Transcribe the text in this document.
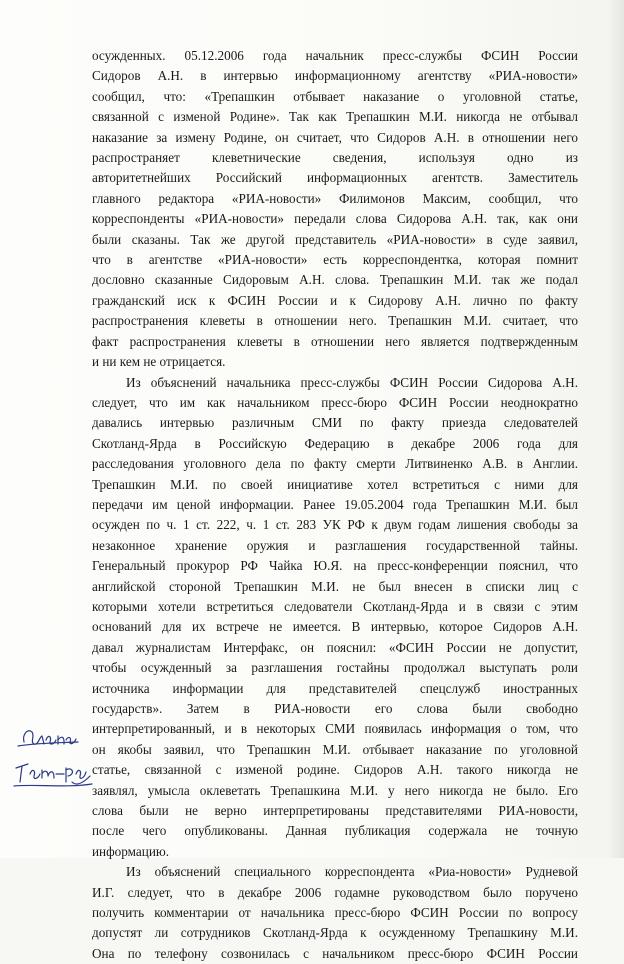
осужденных. 05.12.2006 года начальник пресс-службы ФСИН России
Сидоров А.Н. в интервью информационному агентству «РИА-новости»
сообщил, что: «Трепашкин отбывает наказание о уголовной статье,
связанной с изменой Родине». Так как Трепашкин М.И. никогда не отбывал
наказание за измену Родине, он считает, что Сидоров А.Н. в отношении него
распространяет клеветнические сведения, используя одно из
авторитетнейших Российский информационных агентств. Заместитель
главного редактора «РИА-новости» Филимонов Максим, сообщил, что
корреспонденты «РИА-новости» передали слова Сидорова А.Н. так, как они
были сказаны. Так же другой представитель «РИА-новости» в суде заявил,
что в агентстве «РИА-новости» есть корреспондентка, которая помнит
дословно сказанные Сидоровым А.Н. слова. Трепашкин М.И. так же подал
гражданский иск к ФСИН России и к Сидорову А.Н. лично по факту
распространения клеветы в отношении него. Трепашкин М.И. считает, что
факт распространения клеветы в отношении него является подтвержденным
и ни кем не отрицается.
Из объяснений начальника пресс-службы ФСИН России Сидорова А.Н.
следует, что им как начальником пресс-бюро ФСИН России неоднократно
давались интервью различным СМИ по факту приезда следователей
Скотланд-Ярда в Российскую Федерацию в декабре 2006 года для
расследования уголовного дела по факту смерти Литвиненко А.В. в Англии.
Трепашкин М.И. по своей инициативе хотел встретиться с ними для
передачи им ценой информации. Ранее 19.05.2004 года Трепашкин М.И. был
осужден по ч. 1 ст. 222, ч. 1 ст. 283 УК РФ к двум годам лишения свободы за
незаконное хранение оружия и разглашения государственной тайны.
Генеральный прокурор РФ Чайка Ю.Я. на пресс-конференции пояснил, что
английской стороной Трепашкин М.И. не был внесен в списки лиц с
которыми хотели встретиться следователи Скотланд-Ярда и в связи с этим
оснований для их встрече не имеется. В интервью, которое Сидоров А.Н.
давал журналистам Интерфакс, он пояснил: «ФСИН России не допустит,
чтобы осужденный за разглашения гостайны продолжал выступать роли
источника информации для представителей спецслужб иностранных
государств». Затем в РИА-новости его слова были свободно
интерпретированный, и в некоторых СМИ появилась информация о том, что
он якобы заявил, что Трепашкин М.И. отбывает наказание по уголовной
статье, связанной с изменой родине. Сидоров А.Н. такого никогда не
заявлял, умысла оклеветать Трепашкина М.И. у него никогда не было. Его
слова были не верно интерпретированы представителями РИА-новости,
после чего опубликованы. Данная публикация содержала не точную
информацию.
Из объяснений специального корреспондента «Риа-новости» Рудневой
И.Г. следует, что в декабре 2006 годамне руководством было поручено
получить комментарии от начальника пресс-бюро ФСИН России по вопросу
допустят ли сотрудников Скотланд-Ярда к осужденному Трепашкину М.И.
Она по телефону созвонилась с начальником пресс-бюро ФСИН России
